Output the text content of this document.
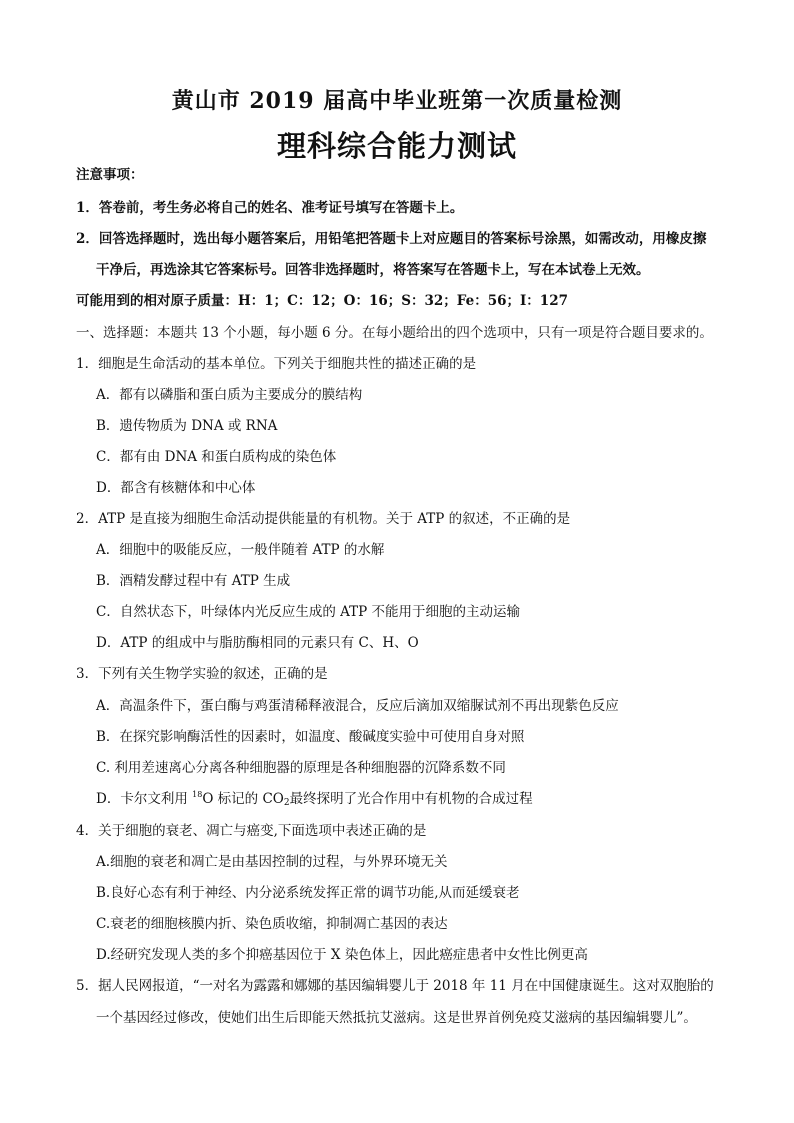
黄山市 2019 届高中毕业班第一次质量检测
理科综合能力测试
注意事项：
1．答卷前，考生务必将自己的姓名、准考证号填写在答题卡上。
2．回答选择题时，选出每小题答案后，用铅笔把答题卡上对应题目的答案标号涂黑，如需改动，用橡皮擦
干净后，再选涂其它答案标号。回答非选择题时，将答案写在答题卡上，写在本试卷上无效。
可能用到的相对原子质量：H：1；C：12；O：16；S：32；Fe：56；I：127
一、选择题：本题共 13 个小题，每小题 6 分。在每小题给出的四个选项中，只有一项是符合题目要求的。
1．细胞是生命活动的基本单位。下列关于细胞共性的描述正确的是
A．都有以磷脂和蛋白质为主要成分的膜结构
B．遗传物质为 DNA 或 RNA
C．都有由 DNA 和蛋白质构成的染色体
D．都含有核糖体和中心体
2．ATP 是直接为细胞生命活动提供能量的有机物。关于 ATP 的叙述，不正确的是
A．细胞中的吸能反应，一般伴随着 ATP 的水解
B．酒精发酵过程中有 ATP 生成
C．自然状态下，叶绿体内光反应生成的 ATP 不能用于细胞的主动运输
D．ATP 的组成中与脂肪酶相同的元素只有 C、H、O
3．下列有关生物学实验的叙述，正确的是
A．高温条件下，蛋白酶与鸡蛋清稀释液混合，反应后滴加双缩脲试剂不再出现紫色反应
B．在探究影响酶活性的因素时，如温度、酸碱度实验中可使用自身对照
C. 利用差速离心分离各种细胞器的原理是各种细胞器的沉降系数不同
D．卡尔文利用 $^{18}$O 标记的 $CO_2$最终探明了光合作用中有机物的合成过程
4．关于细胞的衰老、凋亡与癌变,下面选项中表述正确的是
A.细胞的衰老和凋亡是由基因控制的过程，与外界环境无关
B.良好心态有利于神经、内分泌系统发挥正常的调节功能,从而延缓衰老
C.衰老的细胞核膜内折、染色质收缩，抑制凋亡基因的表达
D.经研究发现人类的多个抑癌基因位于 X 染色体上，因此癌症患者中女性比例更高
5．据人民网报道，“一对名为露露和娜娜的基因编辑婴儿于 2018 年 11 月在中国健康诞生。这对双胞胎的
一个基因经过修改，使她们出生后即能天然抵抗艾滋病。这是世界首例免疫艾滋病的基因编辑婴儿”。
